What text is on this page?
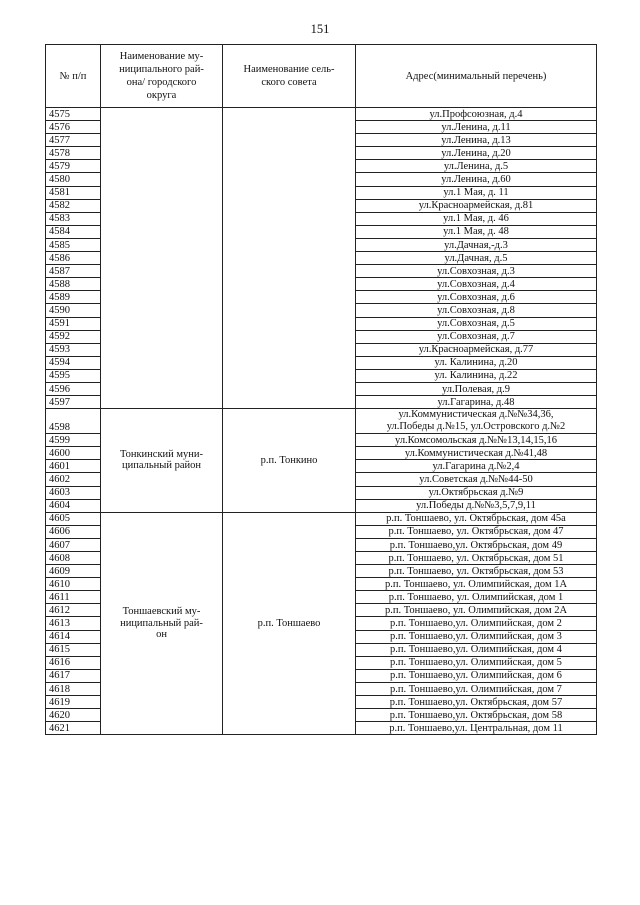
151
№ п/п	Наименование му-
ниципального рай-
она/ городского
округа	Наименование сель-
ского совета	Адрес(минимальный перечень)
4575			ул.Профсоюзная, д.4

4576			ул.Ленина, д.11

4577			ул.Ленина, д.13

4578			ул.Ленина, д.20

4579			ул.Ленина, д.5

4580			ул.Ленина, д.60

4581			ул.1 Мая, д. 11

4582			ул.Красноармейская, д.81

4583			ул.1 Мая, д. 46

4584			ул.1 Мая, д. 48

4585			ул.Дачная,-д.3

4586			ул.Дачная, д.5

4587			ул.Совхозная, д.3

4588			ул.Совхозная, д.4

4589			ул.Совхозная, д.6

4590			ул.Совхозная, д.8

4591			ул.Совхозная, д.5

4592			ул.Совхозная, д.7

4593			ул.Красноармейская, д.77

4594			ул. Калинина, д.20

4595			ул. Калинина, д.22

4596			ул.Полевая, д.9

4597			ул.Гагарина, д.48

4598	Тонкинский муни-
ципальный район	р.п. Тонкино	ул.Коммунистическая д.№№34,36,
ул.Победы д.№15, ул.Островского д.№2

4599			ул.Комсомольская д.№№13,14,15,16

4600			ул.Коммунистическая д.№41,48

4601			ул.Гагарина д.№2,4

4602			ул.Советская д.№№44-50

4603			ул.Октябрьская д.№9

4604			ул.Победы д.№№3,5,7,9,11

4605	Тоншаевский му-
ниципальный рай-
он	р.п. Тоншаево	р.п. Тоншаево, ул. Октябрьская, дом 45а

4606			р.п. Тоншаево, ул. Октябрьская, дом 47

4607			р.п. Тоншаево,ул. Октябрьская, дом 49

4608			р.п. Тоншаево, ул. Октябрьская, дом 51

4609			р.п. Тоншаево, ул. Октябрьская, дом 53

4610			р.п. Тоншаево, ул. Олимпийская, дом 1А

4611			р.п. Тоншаево, ул. Олимпийская, дом 1

4612			р.п. Тоншаево, ул. Олимпийская, дом 2А

4613			р.п. Тоншаево,ул. Олимпийская, дом 2

4614			р.п. Тоншаево,ул. Олимпийская, дом 3

4615			р.п. Тоншаево,ул. Олимпийская, дом 4

4616			р.п. Тоншаево,ул. Олимпийская, дом 5

4617			р.п. Тоншаево,ул. Олимпийская, дом 6

4618			р.п. Тоншаево,ул. Олимпийская, дом 7

4619			р.п. Тоншаево,ул. Октябрьская, дом 57

4620			р.п. Тоншаево,ул. Октябрьская, дом 58

4621			р.п. Тоншаево,ул. Центральная, дом 11
